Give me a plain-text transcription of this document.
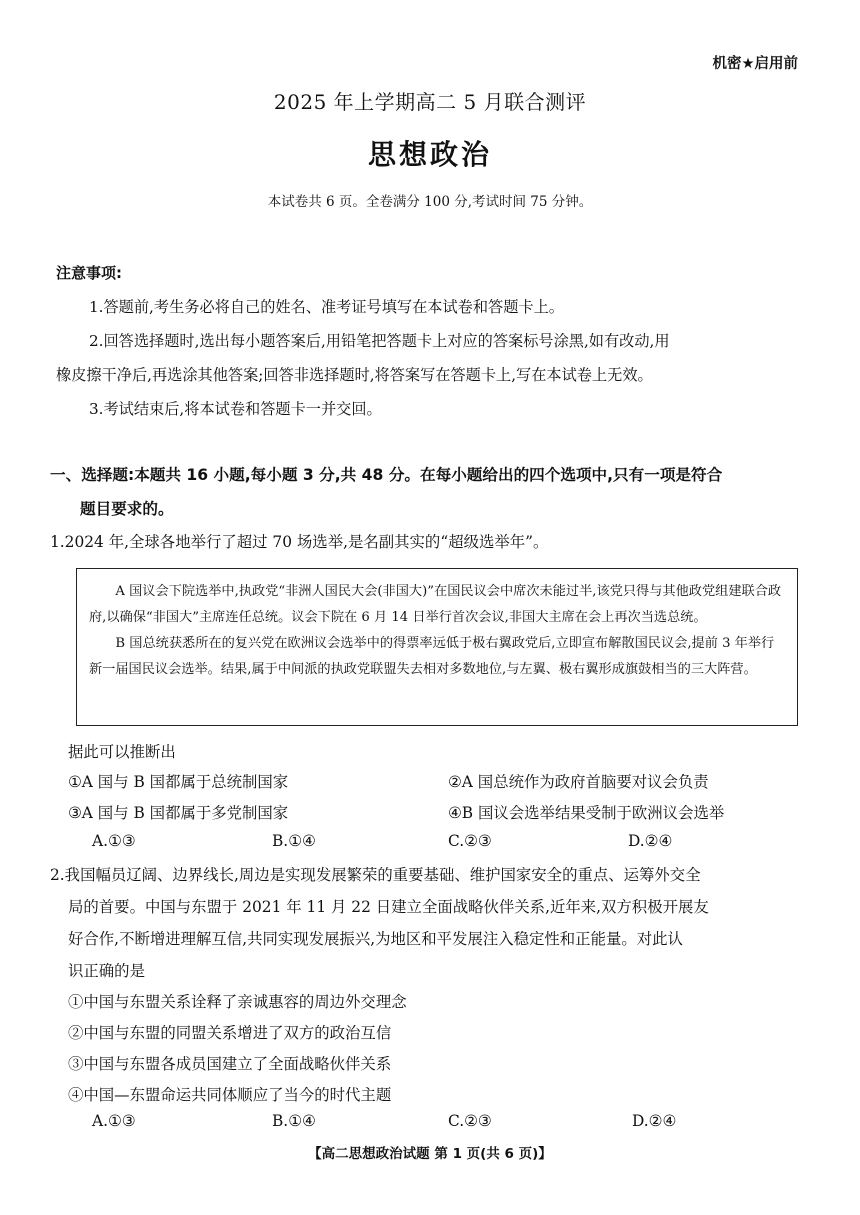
机密★启用前
2025 年上学期高二 5 月联合测评
思想政治
本试卷共 6 页。全卷满分 100 分,考试时间 75 分钟。
注意事项:
1.答题前,考生务必将自己的姓名、准考证号填写在本试卷和答题卡上。
2.回答选择题时,选出每小题答案后,用铅笔把答题卡上对应的答案标号涂黑,如有改动,用
橡皮擦干净后,再选涂其他答案;回答非选择题时,将答案写在答题卡上,写在本试卷上无效。
3.考试结束后,将本试卷和答题卡一并交回。
一、选择题:本题共 16 小题,每小题 3 分,共 48 分。在每小题给出的四个选项中,只有一项是符合
题目要求的。
1.2024 年,全球各地举行了超过 70 场选举,是名副其实的“超级选举年”。

A 国议会下院选举中,执政党“非洲人国民大会(非国大)”在国民议会中席次未能过半,该党只得与其他政党组建联合政府,以确保“非国大”主席连任总统。议会下院在 6 月 14 日举行首次会议,非国大主席在会上再次当选总统。

B 国总统获悉所在的复兴党在欧洲议会选举中的得票率远低于极右翼政党后,立即宣布解散国民议会,提前 3 年举行新一届国民议会选举。结果,属于中间派的执政党联盟失去相对多数地位,与左翼、极右翼形成旗鼓相当的三大阵营。

据此可以推断出
①A 国与 B 国都属于总统制国家	②A 国总统作为政府首脑要对议会负责
③A 国与 B 国都属于多党制国家	④B 国议会选举结果受制于欧洲议会选举
A.①③	B.①④	C.②③	D.②④
2.我国幅员辽阔、边界线长,周边是实现发展繁荣的重要基础、维护国家安全的重点、运筹外交全
局的首要。中国与东盟于 2021 年 11 月 22 日建立全面战略伙伴关系,近年来,双方积极开展友
好合作,不断增进理解互信,共同实现发展振兴,为地区和平发展注入稳定性和正能量。对此认
识正确的是
①中国与东盟关系诠释了亲诚惠容的周边外交理念
②中国与东盟的同盟关系增进了双方的政治互信
③中国与东盟各成员国建立了全面战略伙伴关系
④中国—东盟命运共同体顺应了当今的时代主题
A.①③	B.①④	C.②③	D.②④
【高二思想政治试题 第 1 页(共 6 页)】
